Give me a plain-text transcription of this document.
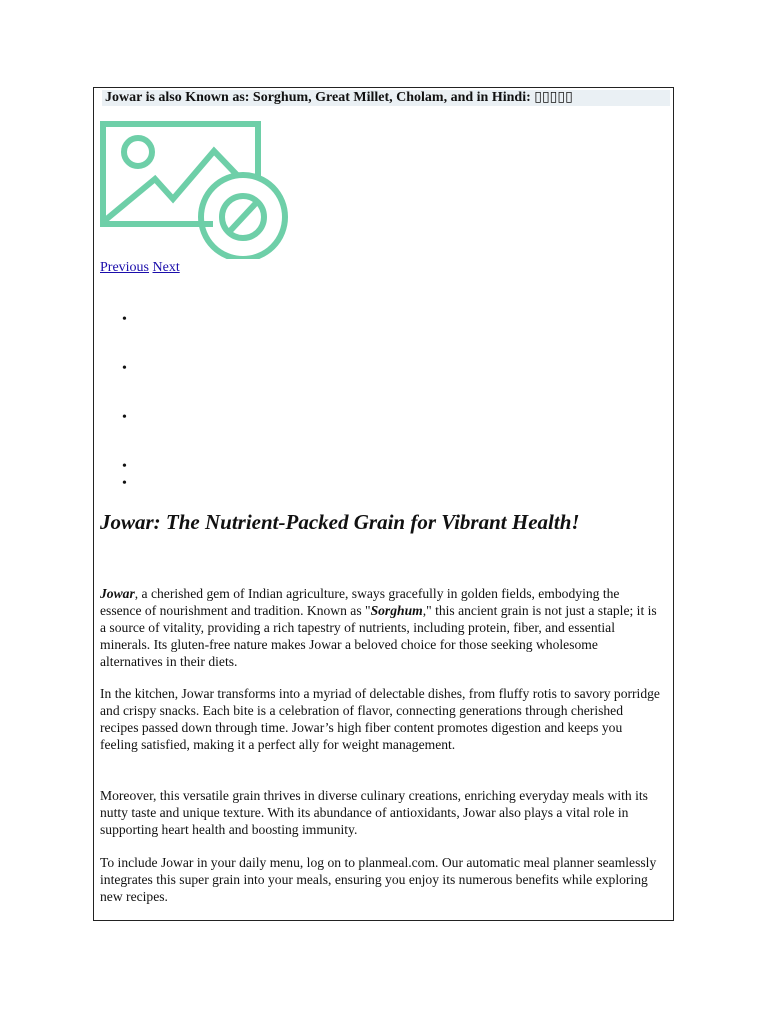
Jowar is also Known as: Sorghum, Great Millet, Cholam, and in Hindi: ▯▯▯▯▯
Previous Next
•
•
•
•
•
Jowar: The Nutrient-Packed Grain for Vibrant Health!

Jowar, a cherished gem of Indian agriculture, sways gracefully in golden fields, embodying the essence of nourishment and tradition. Known as "Sorghum," this ancient grain is not just a staple; it is a source of vitality, providing a rich tapestry of nutrients, including protein, fiber, and essential minerals. Its gluten-free nature makes Jowar a beloved choice for those seeking wholesome alternatives in their diets.

In the kitchen, Jowar transforms into a myriad of delectable dishes, from fluffy rotis to savory porridge and crispy snacks. Each bite is a celebration of flavor, connecting generations through cherished recipes passed down through time. Jowar’s high fiber content promotes digestion and keeps you feeling satisfied, making it a perfect ally for weight management.

Moreover, this versatile grain thrives in diverse culinary creations, enriching everyday meals with its nutty taste and unique texture. With its abundance of antioxidants, Jowar also plays a vital role in supporting heart health and boosting immunity.

To include Jowar in your daily menu, log on to planmeal.com. Our automatic meal planner seamlessly integrates this super grain into your meals, ensuring you enjoy its numerous benefits while exploring new recipes.
